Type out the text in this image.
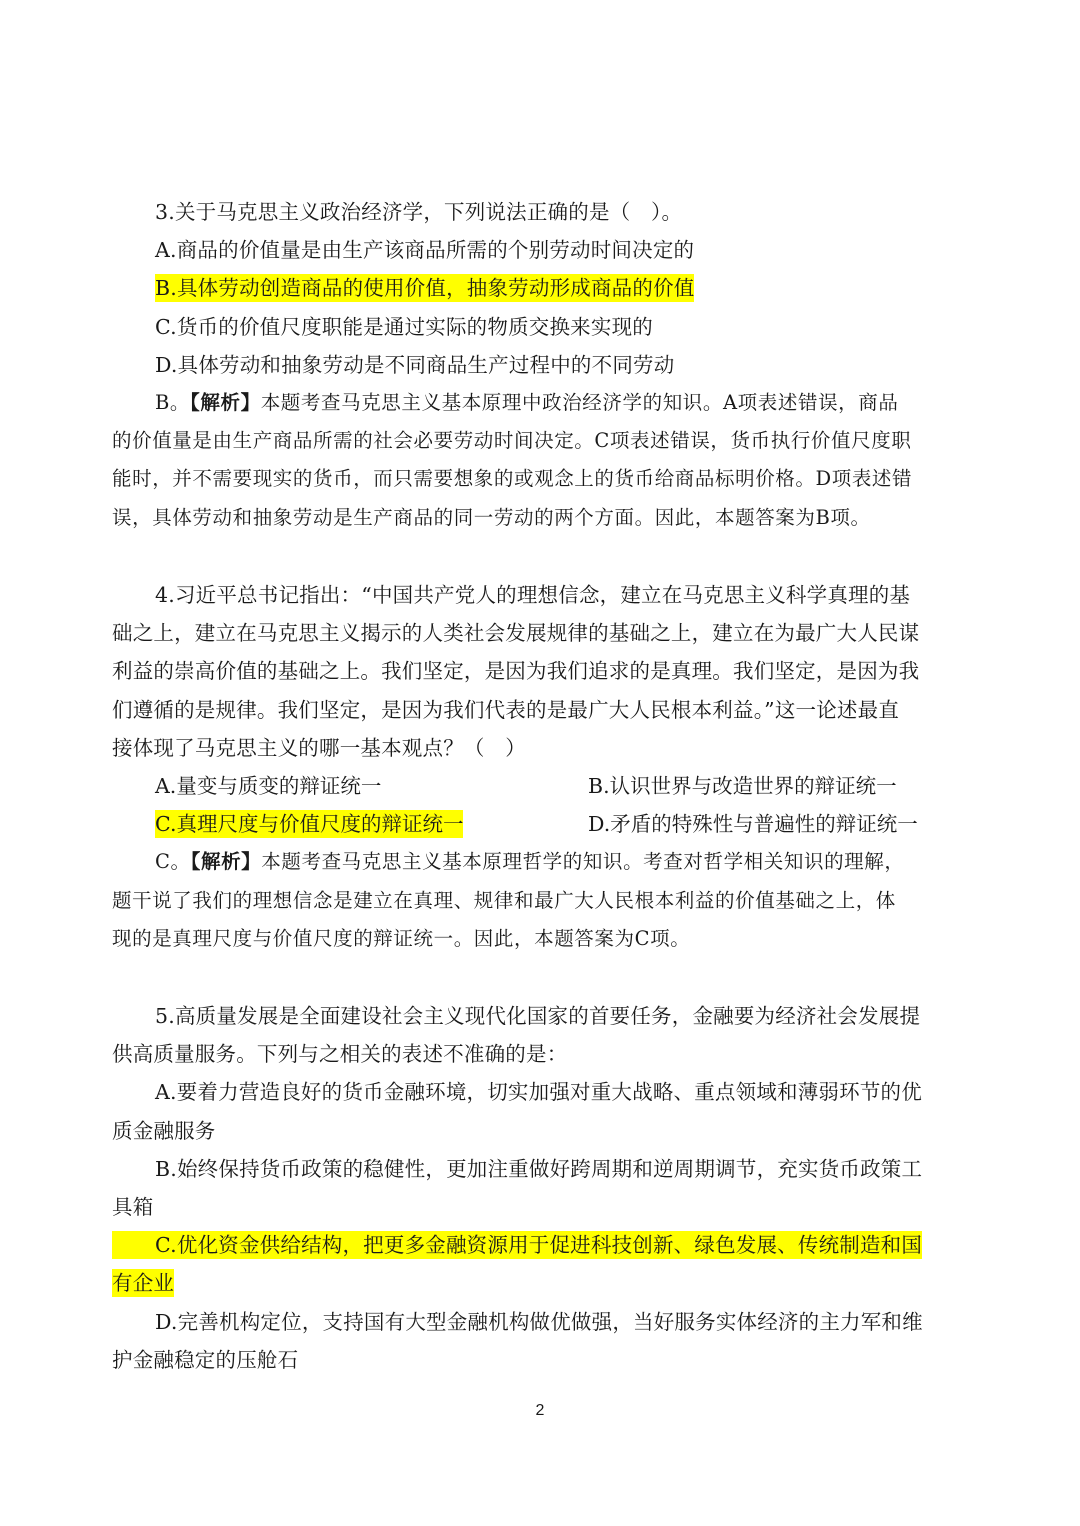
3.关于马克思主义政治经济学，下列说法正确的是（　）。
A.商品的价值量是由生产该商品所需的个别劳动时间决定的
B.具体劳动创造商品的使用价值，抽象劳动形成商品的价值
C.货币的价值尺度职能是通过实际的物质交换来实现的
D.具体劳动和抽象劳动是不同商品生产过程中的不同劳动
B。【解析】本题考查马克思主义基本原理中政治经济学的知识。A项表述错误，商品
的价值量是由生产商品所需的社会必要劳动时间决定。C项表述错误，货币执行价值尺度职
能时，并不需要现实的货币，而只需要想象的或观念上的货币给商品标明价格。D项表述错
误，具体劳动和抽象劳动是生产商品的同一劳动的两个方面。因此，本题答案为B项。
4.习近平总书记指出：“中国共产党人的理想信念，建立在马克思主义科学真理的基
础之上，建立在马克思主义揭示的人类社会发展规律的基础之上，建立在为最广大人民谋
利益的崇高价值的基础之上。我们坚定，是因为我们追求的是真理。我们坚定，是因为我
们遵循的是规律。我们坚定，是因为我们代表的是最广大人民根本利益。”这一论述最直
接体现了马克思主义的哪一基本观点？（　）
A.量变与质变的辩证统一	B.认识世界与改造世界的辩证统一
C.真理尺度与价值尺度的辩证统一	D.矛盾的特殊性与普遍性的辩证统一
C。【解析】本题考查马克思主义基本原理哲学的知识。考查对哲学相关知识的理解，
题干说了我们的理想信念是建立在真理、规律和最广大人民根本利益的价值基础之上，体
现的是真理尺度与价值尺度的辩证统一。因此，本题答案为C项。
5.高质量发展是全面建设社会主义现代化国家的首要任务，金融要为经济社会发展提
供高质量服务。下列与之相关的表述不准确的是：
A.要着力营造良好的货币金融环境，切实加强对重大战略、重点领域和薄弱环节的优
质金融服务
B.始终保持货币政策的稳健性，更加注重做好跨周期和逆周期调节，充实货币政策工
具箱
C.优化资金供给结构，把更多金融资源用于促进科技创新、绿色发展、传统制造和国
有企业
D.完善机构定位，支持国有大型金融机构做优做强，当好服务实体经济的主力军和维
护金融稳定的压舱石
2
